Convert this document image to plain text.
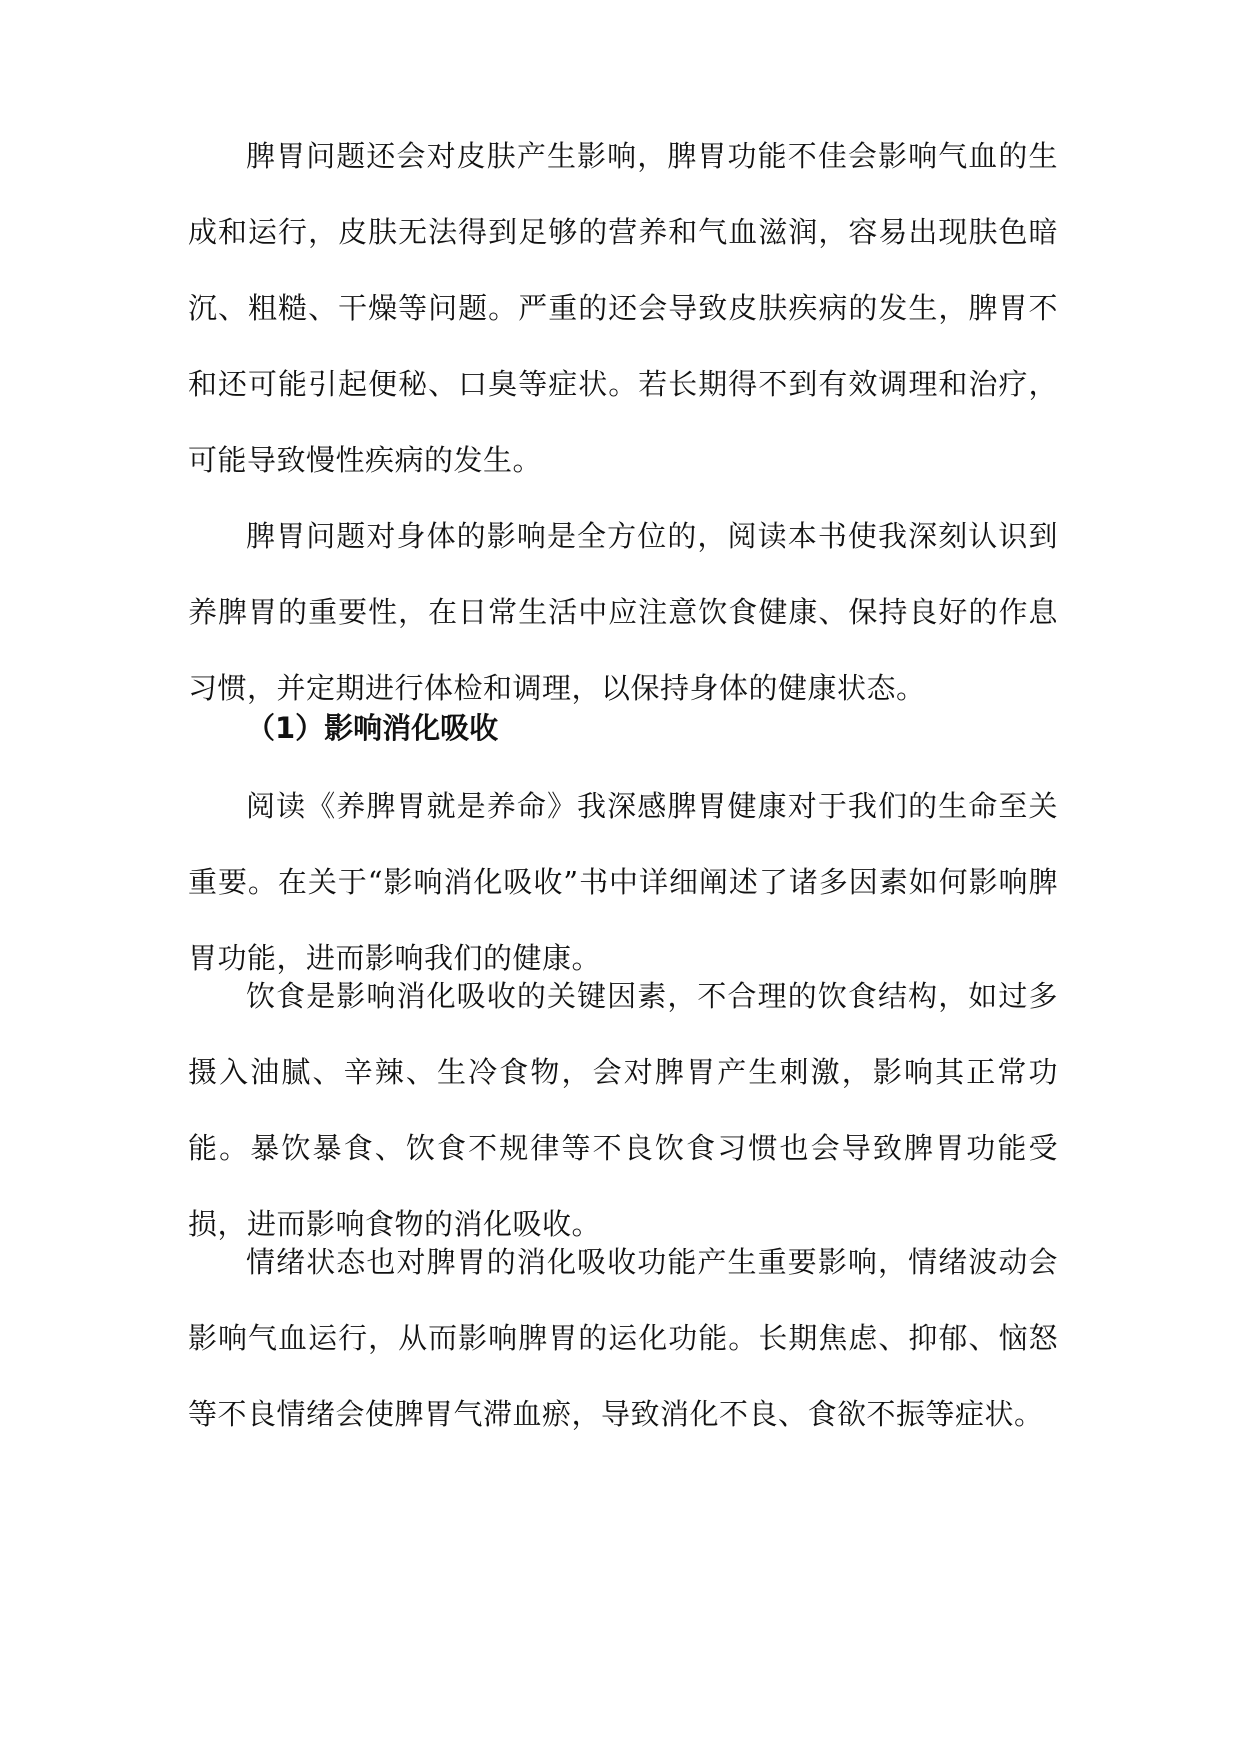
脾胃问题还会对皮肤产生影响，脾胃功能不佳会影响气血的生成和运行，皮肤无法得到足够的营养和气血滋润，容易出现肤色暗沉、粗糙、干燥等问题。严重的还会导致皮肤疾病的发生，脾胃不和还可能引起便秘、口臭等症状。若长期得不到有效调理和治疗，可能导致慢性疾病的发生。

脾胃问题对身体的影响是全方位的，阅读本书使我深刻认识到养脾胃的重要性，在日常生活中应注意饮食健康、保持良好的作息习惯，并定期进行体检和调理，以保持身体的健康状态。

（1）影响消化吸收

阅读《养脾胃就是养命》我深感脾胃健康对于我们的生命至关重要。在关于“影响消化吸收”书中详细阐述了诸多因素如何影响脾胃功能，进而影响我们的健康。

饮食是影响消化吸收的关键因素，不合理的饮食结构，如过多摄入油腻、辛辣、生冷食物，会对脾胃产生刺激，影响其正常功能。暴饮暴食、饮食不规律等不良饮食习惯也会导致脾胃功能受损，进而影响食物的消化吸收。

情绪状态也对脾胃的消化吸收功能产生重要影响，情绪波动会影响气血运行，从而影响脾胃的运化功能。长期焦虑、抑郁、恼怒等不良情绪会使脾胃气滞血瘀，导致消化不良、食欲不振等症状。
